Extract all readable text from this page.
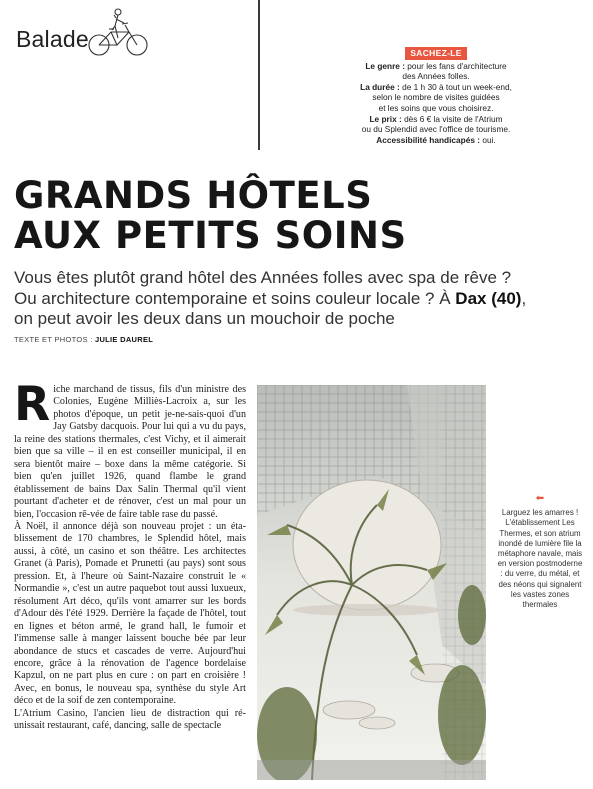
Balade
SACHEZ-LE
Le genre : pour les fans d'architecture
des Années folles.
La durée : de 1 h 30 à tout un week-end,
selon le nombre de visites guidées
et les soins que vous choisirez.
Le prix : dès 6 € la visite de l'Atrium
ou du Splendid avec l'office de tourisme.
Accessibilité handicapés : oui.
GRANDS HÔTELS
AUX PETITS SOINS
Vous êtes plutôt grand hôtel des Années folles avec spa de rêve ?
Ou architecture contemporaine et soins couleur locale ? À Dax (40),
on peut avoir les deux dans un mouchoir de poche
TEXTE ET PHOTOS : JULIE DAUREL

Riche marchand de tissus, fils d'un ministre des Colonies, Eugène Milliès-Lacroix a, sur les photos d'époque, un petit je-ne-sais-quoi d'un Jay Gatsby dacquois. Pour lui qui a vu du pays, la reine des stations thermales, c'est Vichy, et il aimerait bien que sa ville – il en est conseiller municipal, il en sera bientôt maire – boxe dans la même catégorie. Si bien qu'en juillet 1926, quand flambe le grand établissement de bains Dax Salin Thermal qu'il vient pourtant d'acheter et de rénover, c'est un mal pour un bien, l'occasion rê-vée de faire table rase du passé.

À Noël, il annonce déjà son nouveau projet : un éta-blissement de 170 chambres, le Splendid hôtel, mais aussi, à côté, un casino et son théâtre. Les architectes Granet (à Paris), Pomade et Prunetti (au pays) sont sous pression. Et, à l'heure où Saint-Nazaire construit le « Normandie », c'est un autre paquebot tout aussi luxueux, résolument Art déco, qu'ils vont amarrer sur les bords d'Adour dès l'été 1929. Derrière la façade de l'hôtel, tout en lignes et béton armé, le grand hall, le fumoir et l'immense salle à manger laissent bouche bée par leur abondance de stucs et cascades de verre. Aujourd'hui encore, grâce à la rénovation de l'agence bordelaise Kapzul, on ne part plus en cure : on part en croisière ! Avec, en bonus, le nouveau spa, synthèse du style Art déco et de la soif de zen contemporaine.

L'Atrium Casino, l'ancien lieu de distraction qui ré-unissait restaurant, café, dancing, salle de spectacle

⬅
Larguez les amarres ! L'établissement Les Thermes, et son atrium inondé de lumière file la métaphore navale, mais en version postmoderne : du verre, du métal, et des néons qui signalent les vastes zones thermales
